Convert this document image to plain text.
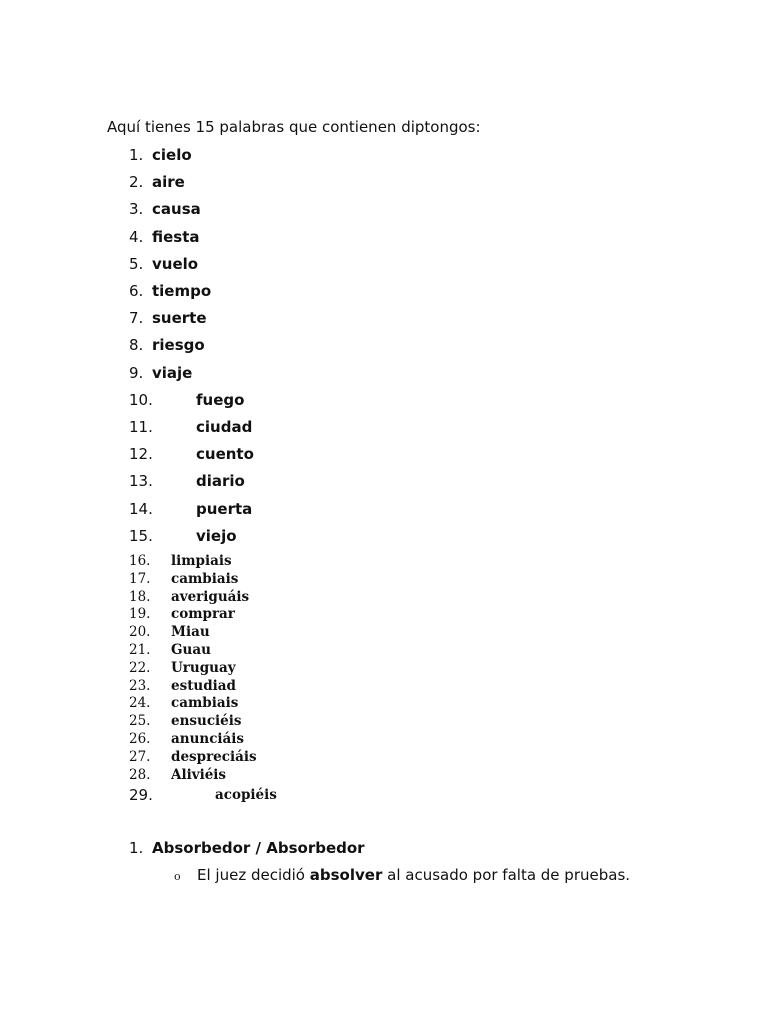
Aquí tienes 15 palabras que contienen diptongos:
1. cielo
2. aire
3. causa
4. fiesta
5. vuelo
6. tiempo
7. suerte
8. riesgo
9. viaje
10.	fuego
11.	ciudad
12.	cuento
13.	diario
14.	puerta
15.	viejo
16. limpiais
17. cambiais
18. averiguáis
19. comprar
20. Miau
21. Guau
22. Uruguay
23. estudiad
24. cambiais
25. ensuciéis
26. anunciáis
27. despreciáis
28. Aliviéis
29.	acopiéis
1. Absorbedor / Absorbedor
o El juez decidió absolver al acusado por falta de pruebas.
